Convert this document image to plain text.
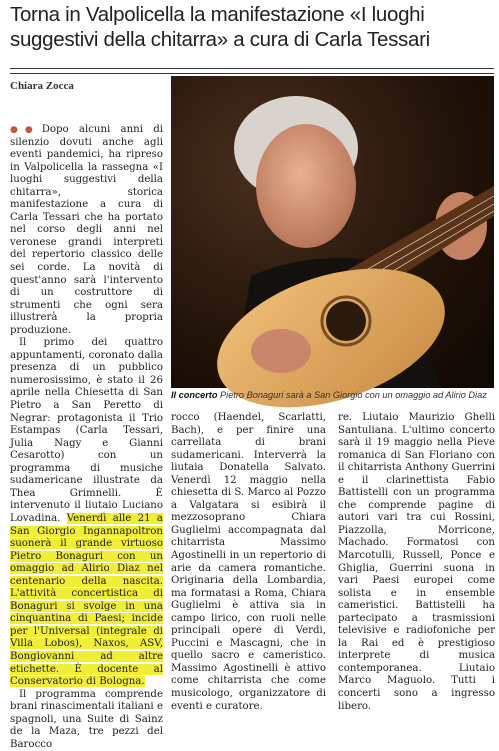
Torna in Valpolicella la manifestazione «I luoghi
suggestivi della chitarra» a cura di Carla Tessari
Chiara Zocca
Il concerto Pietro Bonaguri sarà a San Giorgio con un omaggio ad Alirio Diaz

●● Dopo alcuni anni di silenzio dovuti anche agli eventi pandemici, ha ripreso in Valpolicella la rassegna «I luoghi suggestivi della chitarra», storica manifestazione a cura di Carla Tessari che ha portato nel corso degli anni nel veronese grandi interpreti del repertorio classico delle sei corde. La novità di quest'anno sarà l'intervento di un costruttore di strumenti che ogni sera illustrerà la propria produzione.

Il primo dei quattro appuntamenti, coronato dalla presenza di un pubblico numerosissimo, è stato il 26 aprile nella Chiesetta di San Pietro a San Peretto di Negrar: protagonista il Trio Estampas (Carla Tessari, Julia Nagy e Gianni Cesarotto) con un programma di musiche sudamericane illustrate da Thea Grimnelli. È intervenuto il liutaio Luciano Lovadina. Venerdì alle 21 a San Giorgio Ingannapoltron suonerà il grande virtuoso Pietro Bonaguri con un omaggio ad Alirio Diaz nel centenario della nascita. L'attività concertistica di Bonaguri si svolge in una cinquantina di Paesi; incide per l'Universal (integrale di Villa Lobos), Naxos, ASV, Bongiovanni ad altre etichette. È docente al Conservatorio di Bologna.

Il programma comprende brani rinascimentali italiani e spagnoli, una Suite di Sainz de la Maza, tre pezzi del Barocco

rocco (Haendel, Scarlatti, Bach), e per finire una carrellata di brani sudamericani. Interverrà la liutaia Donatella Salvato. Venerdì 12 maggio nella chiesetta di S. Marco al Pozzo a Valgatara si esibirà il mezzosoprano Chiara Guglielmi accompagnata dal chitarrista Massimo Agostinelli in un repertorio di arie da camera romantiche. Originaria della Lombardia, ma formatasi a Roma, Chiara Guglielmi è attiva sia in campo lirico, con ruoli nelle principali opere di Verdi, Puccini e Mascagni, che in quello sacro e cameristico. Massimo Agostinelli è attivo come chitarrista che come musicologo, organizzatore di eventi e curatore.

re. Liutaio Maurizio Ghelli Santuliana. L'ultimo concerto sarà il 19 maggio nella Pieve romanica di San Floriano con il chitarrista Anthony Guerrini e il clarinettista Fabio Battistelli con un programma che comprende pagine di autori vari tra cui Rossini, Piazzolla, Morricone, Machado. Formatosi con Marcotulli, Russell, Ponce e Ghiglia, Guerrini suona in vari Paesi europei come solista e in ensemble cameristici. Battistelli ha partecipato a trasmissioni televisive e radiofoniche per la Rai ed è prestigioso interprete di musica contemporanea. Liutaio Marco Maguolo. Tutti i concerti sono a ingresso libero.
